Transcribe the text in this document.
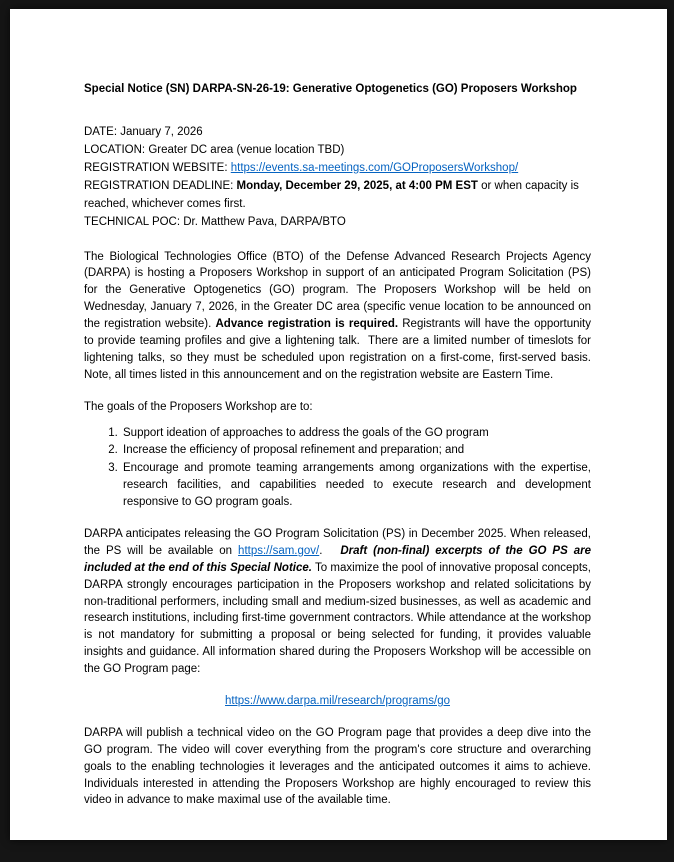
Special Notice (SN) DARPA-SN-26-19: Generative Optogenetics (GO) Proposers Workshop

DATE: January 7, 2026

LOCATION: Greater DC area (venue location TBD)

REGISTRATION WEBSITE: https://events.sa-meetings.com/GOProposersWorkshop/

REGISTRATION DEADLINE: Monday, December 29, 2025, at 4:00 PM EST or when capacity is reached, whichever comes first.

TECHNICAL POC: Dr. Matthew Pava, DARPA/BTO

The Biological Technologies Office (BTO) of the Defense Advanced Research Projects Agency (DARPA) is hosting a Proposers Workshop in support of an anticipated Program Solicitation (PS) for the Generative Optogenetics (GO) program. The Proposers Workshop will be held on Wednesday, January 7, 2026, in the Greater DC area (specific venue location to be announced on the registration website). Advance registration is required. Registrants will have the opportunity to provide teaming profiles and give a lightening talk.  There are a limited number of timeslots for lightening talks, so they must be scheduled upon registration on a first-come, first-served basis. Note, all times listed in this announcement and on the registration website are Eastern Time.

The goals of the Proposers Workshop are to:

1. Support ideation of approaches to address the goals of the GO program
2. Increase the efficiency of proposal refinement and preparation; and
3. Encourage and promote teaming arrangements among organizations with the expertise, research facilities, and capabilities needed to execute research and development responsive to GO program goals.

DARPA anticipates releasing the GO Program Solicitation (PS) in December 2025. When released, the PS will be available on https://sam.gov/.   Draft (non-final) excerpts of the GO PS are included at the end of this Special Notice. To maximize the pool of innovative proposal concepts, DARPA strongly encourages participation in the Proposers workshop and related solicitations by non-traditional performers, including small and medium-sized businesses, as well as academic and research institutions, including first-time government contractors. While attendance at the workshop is not mandatory for submitting a proposal or being selected for funding, it provides valuable insights and guidance. All information shared during the Proposers Workshop will be accessible on the GO Program page:

https://www.darpa.mil/research/programs/go

DARPA will publish a technical video on the GO Program page that provides a deep dive into the GO program. The video will cover everything from the program's core structure and overarching goals to the enabling technologies it leverages and the anticipated outcomes it aims to achieve. Individuals interested in attending the Proposers Workshop are highly encouraged to review this video in advance to make maximal use of the available time.
